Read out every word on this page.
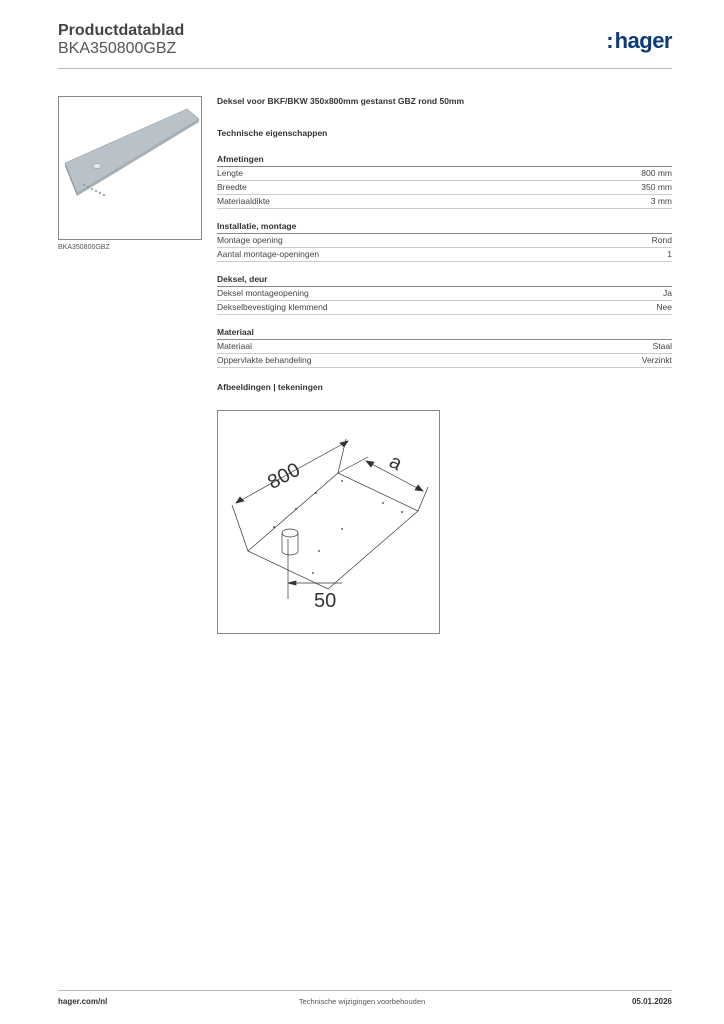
Productdatablad
BKA350800GBZ	: hager
BKA350800GBZ
Deksel voor BKF/BKW 350x800mm gestanst GBZ rond 50mm
Technische eigenschappen
Afmetingen
Lengte	800 mm
Breedte	350 mm
Materiaaldikte	3 mm
Installatie, montage
Montage opening	Rond
Aantal montage-openingen	1
Deksel, deur
Deksel montageopening	Ja
Dekselbevestiging klemmend	Nee
Materiaal
Materiaal	Staal
Oppervlakte behandeling	Verzinkt
Afbeeldingen | tekeningen
800	a
50
hager.com/nl	Technische wijzigingen voorbehouden	05.01.2026
